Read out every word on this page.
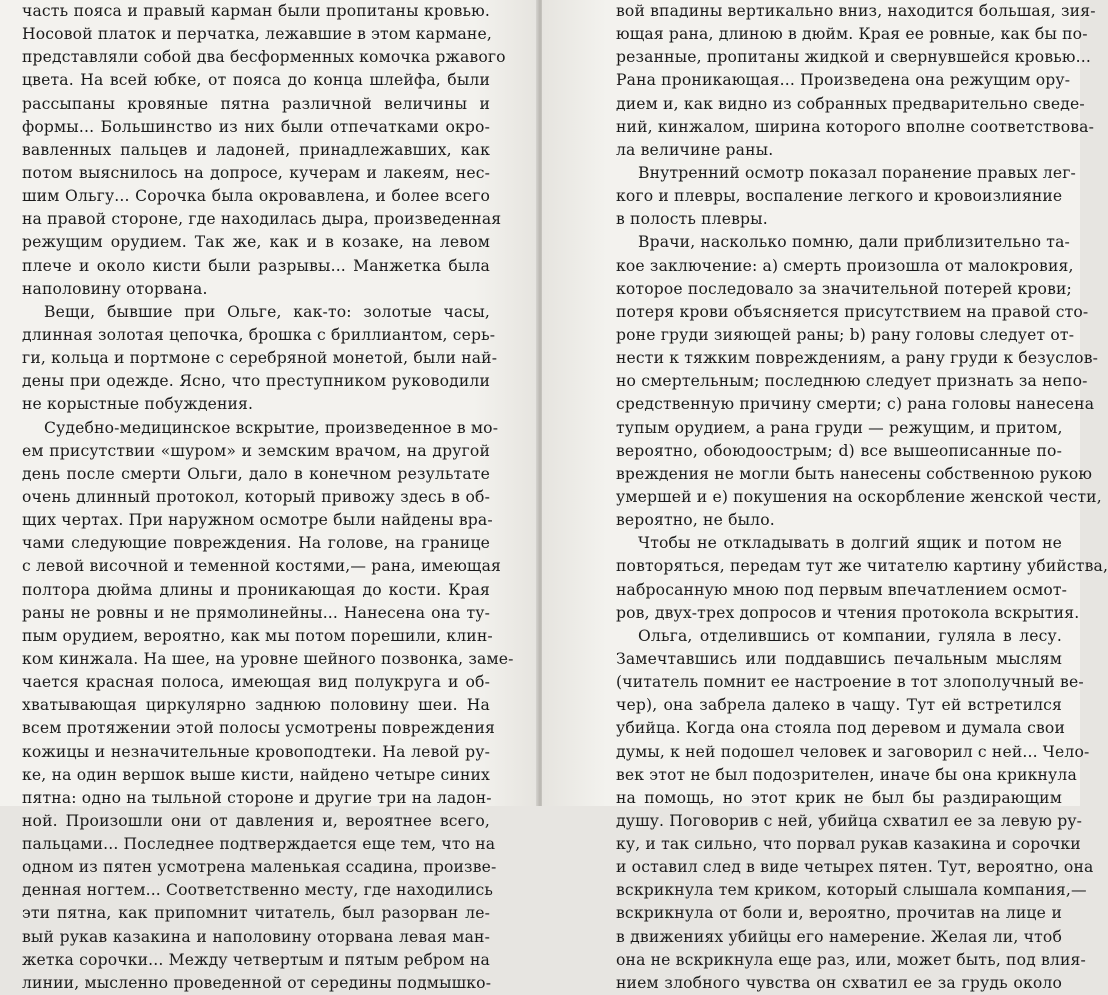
часть пояса и правый карман были пропитаны кровью.
Носовой платок и перчатка, лежавшие в этом кармане,
представляли собой два бесформенных комочка ржавого
цвета. На всей юбке, от пояса до конца шлейфа, были
рассыпаны кровяные пятна различной величины и
формы... Большинство из них были отпечатками окро-
вавленных пальцев и ладоней, принадлежавших, как
потом выяснилось на допросе, кучерам и лакеям, нес-
шим Ольгу... Сорочка была окровавлена, и более всего
на правой стороне, где находилась дыра, произведенная
режущим орудием. Так же, как и в козаке, на левом
плече и около кисти были разрывы... Манжетка была
наполовину оторвана.
Вещи, бывшие при Ольге, как-то: золотые часы,
длинная золотая цепочка, брошка с бриллиантом, серь-
ги, кольца и портмоне с серебряной монетой, были най-
дены при одежде. Ясно, что преступником руководили
не корыстные побуждения.
Судебно-медицинское вскрытие, произведенное в мо-
ем присутствии «шуром» и земским врачом, на другой
день после смерти Ольги, дало в конечном результате
очень длинный протокол, который привожу здесь в об-
щих чертах. При наружном осмотре были найдены вра-
чами следующие повреждения. На голове, на границе
с левой височной и теменной костями,— рана, имеющая
полтора дюйма длины и проникающая до кости. Края
раны не ровны и не прямолинейны... Нанесена она ту-
пым орудием, вероятно, как мы потом порешили, клин-
ком кинжала. На шее, на уровне шейного позвонка, заме-
чается красная полоса, имеющая вид полукруга и об-
хватывающая циркулярно заднюю половину шеи. На
всем протяжении этой полосы усмотрены повреждения
кожицы и незначительные кровоподтеки. На левой ру-
ке, на один вершок выше кисти, найдено четыре синих
пятна: одно на тыльной стороне и другие три на ладон-
ной. Произошли они от давления и, вероятнее всего,
пальцами... Последнее подтверждается еще тем, что на
одном из пятен усмотрена маленькая ссадина, произве-
денная ногтем... Соответственно месту, где находились
эти пятна, как припомнит читатель, был разорван ле-
вый рукав казакина и наполовину оторвана левая ман-
жетка сорочки... Между четвертым и пятым ребром на
линии, мысленно проведенной от середины подмышко-
вой впадины вертикально вниз, находится большая, зия-
ющая рана, длиною в дюйм. Края ее ровные, как бы по-
резанные, пропитаны жидкой и свернувшейся кровью...
Рана проникающая... Произведена она режущим ору-
дием и, как видно из собранных предварительно сведе-
ний, кинжалом, ширина которого вполне соответствова-
ла величине раны.
Внутренний осмотр показал поранение правых лег-
кого и плевры, воспаление легкого и кровоизлияние
в полость плевры.
Врачи, насколько помню, дали приблизительно та-
кое заключение: a) смерть произошла от малокровия,
которое последовало за значительной потерей крови;
потеря крови объясняется присутствием на правой сто-
роне груди зияющей раны; b) рану головы следует от-
нести к тяжким повреждениям, а рану груди к безуслов-
но смертельным; последнюю следует признать за непо-
средственную причину смерти; c) рана головы нанесена
тупым орудием, а рана груди — режущим, и притом,
вероятно, обоюдоострым; d) все вышеописанные по-
вреждения не могли быть нанесены собственною рукою
умершей и e) покушения на оскорбление женской чести,
вероятно, не было.
Чтобы не откладывать в долгий ящик и потом не
повторяться, передам тут же читателю картину убийства,
набросанную мною под первым впечатлением осмот-
ров, двух-трех допросов и чтения протокола вскрытия.
Ольга, отделившись от компании, гуляла в лесу.
Замечтавшись или поддавшись печальным мыслям
(читатель помнит ее настроение в тот злополучный ве-
чер), она забрела далеко в чащу. Тут ей встретился
убийца. Когда она стояла под деревом и думала свои
думы, к ней подошел человек и заговорил с ней... Чело-
век этот не был подозрителен, иначе бы она крикнула
на помощь, но этот крик не был бы раздирающим
душу. Поговорив с ней, убийца схватил ее за левую ру-
ку, и так сильно, что порвал рукав казакина и сорочки
и оставил след в виде четырех пятен. Тут, вероятно, она
вскрикнула тем криком, который слышала компания,—
вскрикнула от боли и, вероятно, прочитав на лице и
в движениях убийцы его намерение. Желая ли, чтоб
она не вскрикнула еще раз, или, может быть, под влия-
нием злобного чувства он схватил ее за грудь около
